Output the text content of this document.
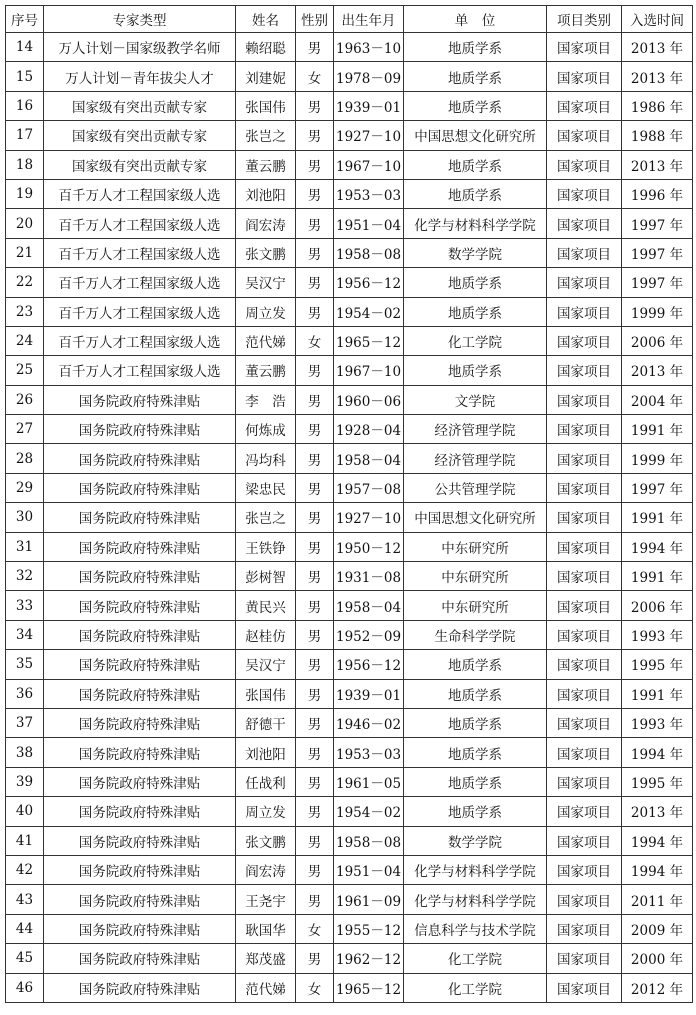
序号	专家类型	姓名	性别	出生年月	单　位	项目类别	入选时间
14	万人计划－国家级教学名师	赖绍聪	男	1963－10	地质学系	国家项目	2013 年
15	万人计划－青年拔尖人才	刘建妮	女	1978－09	地质学系	国家项目	2013 年
16	国家级有突出贡献专家	张国伟	男	1939－01	地质学系	国家项目	1986 年
17	国家级有突出贡献专家	张岂之	男	1927－10	中国思想文化研究所	国家项目	1988 年
18	国家级有突出贡献专家	董云鹏	男	1967－10	地质学系	国家项目	2013 年
19	百千万人才工程国家级人选	刘池阳	男	1953－03	地质学系	国家项目	1996 年
20	百千万人才工程国家级人选	阎宏涛	男	1951－04	化学与材料科学学院	国家项目	1997 年
21	百千万人才工程国家级人选	张文鹏	男	1958－08	数学学院	国家项目	1997 年
22	百千万人才工程国家级人选	吴汉宁	男	1956－12	地质学系	国家项目	1997 年
23	百千万人才工程国家级人选	周立发	男	1954－02	地质学系	国家项目	1999 年
24	百千万人才工程国家级人选	范代娣	女	1965－12	化工学院	国家项目	2006 年
25	百千万人才工程国家级人选	董云鹏	男	1967－10	地质学系	国家项目	2013 年
26	国务院政府特殊津贴	李　浩	男	1960－06	文学院	国家项目	2004 年
27	国务院政府特殊津贴	何炼成	男	1928－04	经济管理学院	国家项目	1991 年
28	国务院政府特殊津贴	冯均科	男	1958－04	经济管理学院	国家项目	1999 年
29	国务院政府特殊津贴	梁忠民	男	1957－08	公共管理学院	国家项目	1997 年
30	国务院政府特殊津贴	张岂之	男	1927－10	中国思想文化研究所	国家项目	1991 年
31	国务院政府特殊津贴	王铁铮	男	1950－12	中东研究所	国家项目	1994 年
32	国务院政府特殊津贴	彭树智	男	1931－08	中东研究所	国家项目	1991 年
33	国务院政府特殊津贴	黄民兴	男	1958－04	中东研究所	国家项目	2006 年
34	国务院政府特殊津贴	赵桂仿	男	1952－09	生命科学学院	国家项目	1993 年
35	国务院政府特殊津贴	吴汉宁	男	1956－12	地质学系	国家项目	1995 年
36	国务院政府特殊津贴	张国伟	男	1939－01	地质学系	国家项目	1991 年
37	国务院政府特殊津贴	舒德干	男	1946－02	地质学系	国家项目	1993 年
38	国务院政府特殊津贴	刘池阳	男	1953－03	地质学系	国家项目	1994 年
39	国务院政府特殊津贴	任战利	男	1961－05	地质学系	国家项目	1995 年
40	国务院政府特殊津贴	周立发	男	1954－02	地质学系	国家项目	2013 年
41	国务院政府特殊津贴	张文鹏	男	1958－08	数学学院	国家项目	1994 年
42	国务院政府特殊津贴	阎宏涛	男	1951－04	化学与材料科学学院	国家项目	1994 年
43	国务院政府特殊津贴	王尧宇	男	1961－09	化学与材料科学学院	国家项目	2011 年
44	国务院政府特殊津贴	耿国华	女	1955－12	信息科学与技术学院	国家项目	2009 年
45	国务院政府特殊津贴	郑茂盛	男	1962－12	化工学院	国家项目	2000 年
46	国务院政府特殊津贴	范代娣	女	1965－12	化工学院	国家项目	2012 年
